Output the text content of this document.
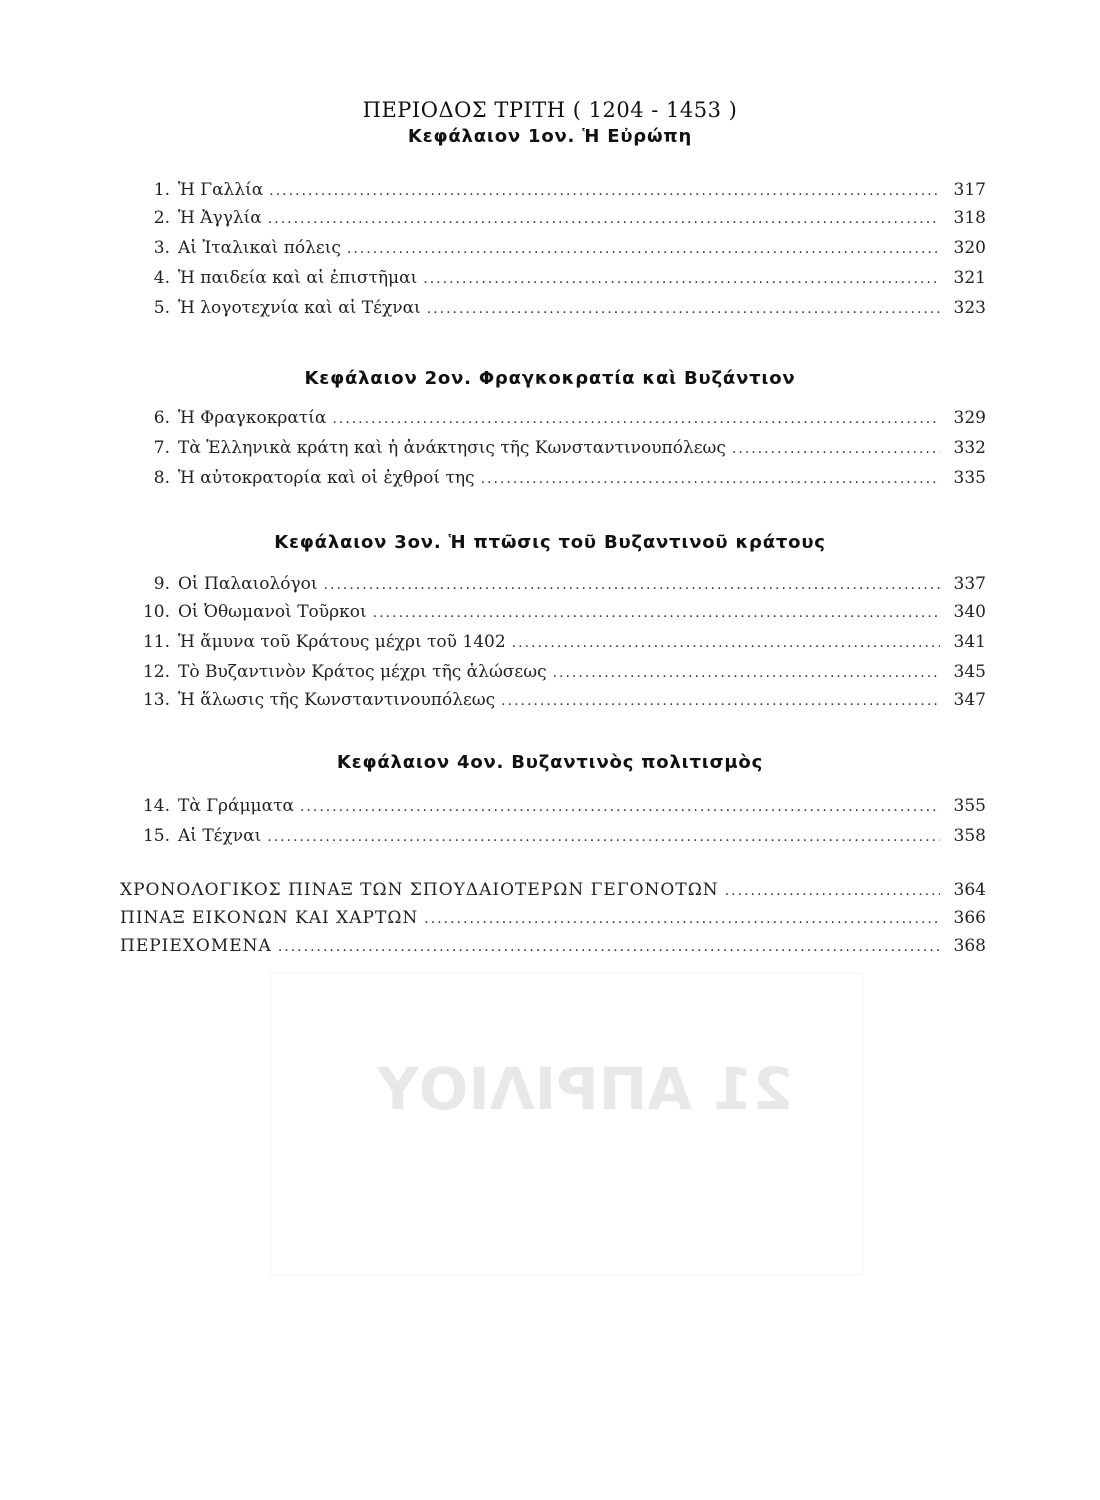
21 ΑΠΡΙΛΙΟΥ
ΠΕΡΙΟΔΟΣ ΤΡΙΤΗ ( 1204 - 1453 )
Κεφάλαιον 1ον. Ἡ Εὐρώπη
1. Ἡ Γαλλία .....	317
2. Ἡ Ἀγγλία .....	318
3. Αἱ Ἰταλικαὶ πόλεις .....	320
4. Ἡ παιδεία καὶ αἱ ἐπιστῆμαι .....	321
5. Ἡ λογοτεχνία καὶ αἱ Τέχναι .....	323
Κεφάλαιον 2ον. Φραγκοκρατία καὶ Βυζάντιον
6. Ἡ Φραγκοκρατία .....	329
7. Τὰ Ἑλληνικὰ κράτη καὶ ἡ ἀνάκτησις τῆς Κωνσταντινουπόλεως .....	332
8. Ἡ αὐτοκρατορία καὶ οἱ ἐχθροί της .....	335
Κεφάλαιον 3ον. Ἡ πτῶσις τοῦ Βυζαντινοῦ κράτους
9. Οἱ Παλαιολόγοι .....	337
10. Οἱ Ὀθωμανοὶ Τοῦρκοι .....	340
11. Ἡ ἄμυνα τοῦ Κράτους μέχρι τοῦ 1402 .....	341
12. Τὸ Βυζαντινὸν Κράτος μέχρι τῆς ἁλώσεως .....	345
13. Ἡ ἅλωσις τῆς Κωνσταντινουπόλεως .....	347
Κεφάλαιον 4ον. Βυζαντινὸς πολιτισμὸς
14. Τὰ Γράμματα .....	355
15. Αἱ Τέχναι .....	358
ΧΡΟΝΟΛΟΓΙΚΟΣ ΠΙΝΑΞ ΤΩΝ ΣΠΟΥΔΑΙΟΤΕΡΩΝ ΓΕΓΟΝΟΤΩΝ .....	364
ΠΙΝΑΞ ΕΙΚΟΝΩΝ ΚΑΙ ΧΑΡΤΩΝ .....	366
ΠΕΡΙΕΧΟΜΕΝΑ .....	368
